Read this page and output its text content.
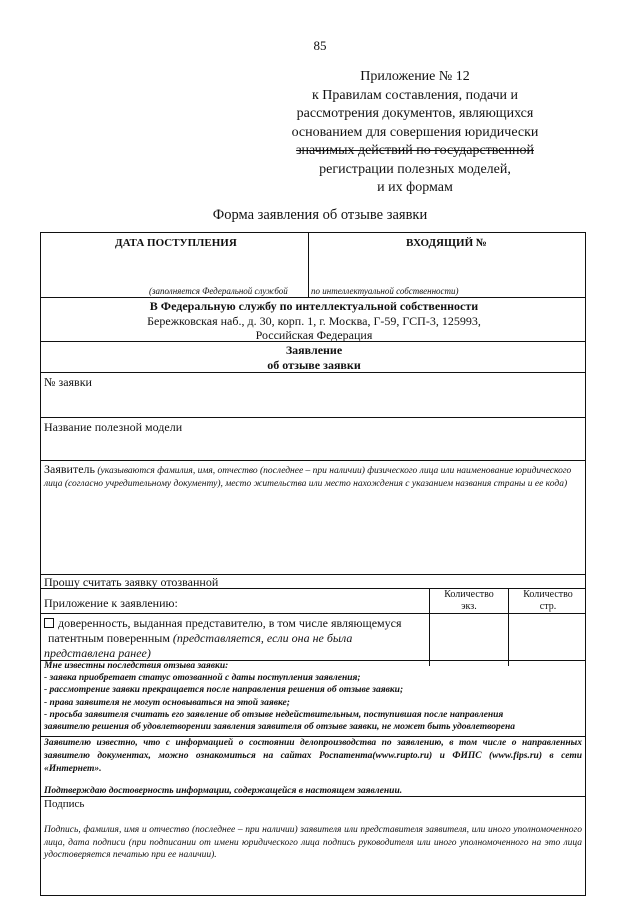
85
Приложение № 12
к Правилам составления, подачи и
рассмотрения документов, являющихся
основанием для совершения юридически
значимых действий по государственной
регистрации полезных моделей,
и их формам
Форма заявления об отзыве заявки
ДАТА ПОСТУПЛЕНИЯ	ВХОДЯЩИЙ №
(заполняется Федеральной службой	по интеллектуальной собственности)
В Федеральную службу по интеллектуальной собственности
Бережковская наб., д. 30, корп. 1, г. Москва, Г-59, ГСП-3, 125993,
Российская Федерация
Заявление
об отзыве заявки
№ заявки
Название полезной модели
Заявитель (указываются фамилия, имя, отчество (последнее – при наличии) физического лица или наименование юридического лица (согласно учредительному документу), место жительства или место нахождения с указанием названия страны и ее кода)
Прошу считать заявку отозванной
Приложение к заявлению:
Количество
экз.
Количество
стр.
доверенность, выданная представителю, в том числе являющемуся
патентным поверенным (представляется, если она не была
представлена ранее)
Мне известны последствия отзыва заявки:
- заявка приобретает статус отозванной с даты поступления заявления;
- рассмотрение заявки прекращается после направления решения об отзыве заявки;
- права заявителя не могут основываться на этой заявке;
- просьба заявителя считать его заявление об отзыве недействительным, поступившая после направления
заявителю решения об удовлетворении заявления заявителя об отзыве заявки, не может быть удовлетворена
Заявителю известно, что с информацией о состоянии делопроизводства по заявлению, в том числе о направленных заявителю документах, можно ознакомиться на сайтах Роспатента(www.rupto.ru) и ФИПС (www.fips.ru) в сети «Интернет».
Подтверждаю достоверность информации, содержащейся в настоящем заявлении.
Подпись
Подпись, фамилия, имя и отчество (последнее – при наличии) заявителя или представителя заявителя, или иного уполномоченного лица, дата подписи (при подписании от имени юридического лица подпись руководителя или иного уполномоченного на это лица удостоверяется печатью при ее наличии).
